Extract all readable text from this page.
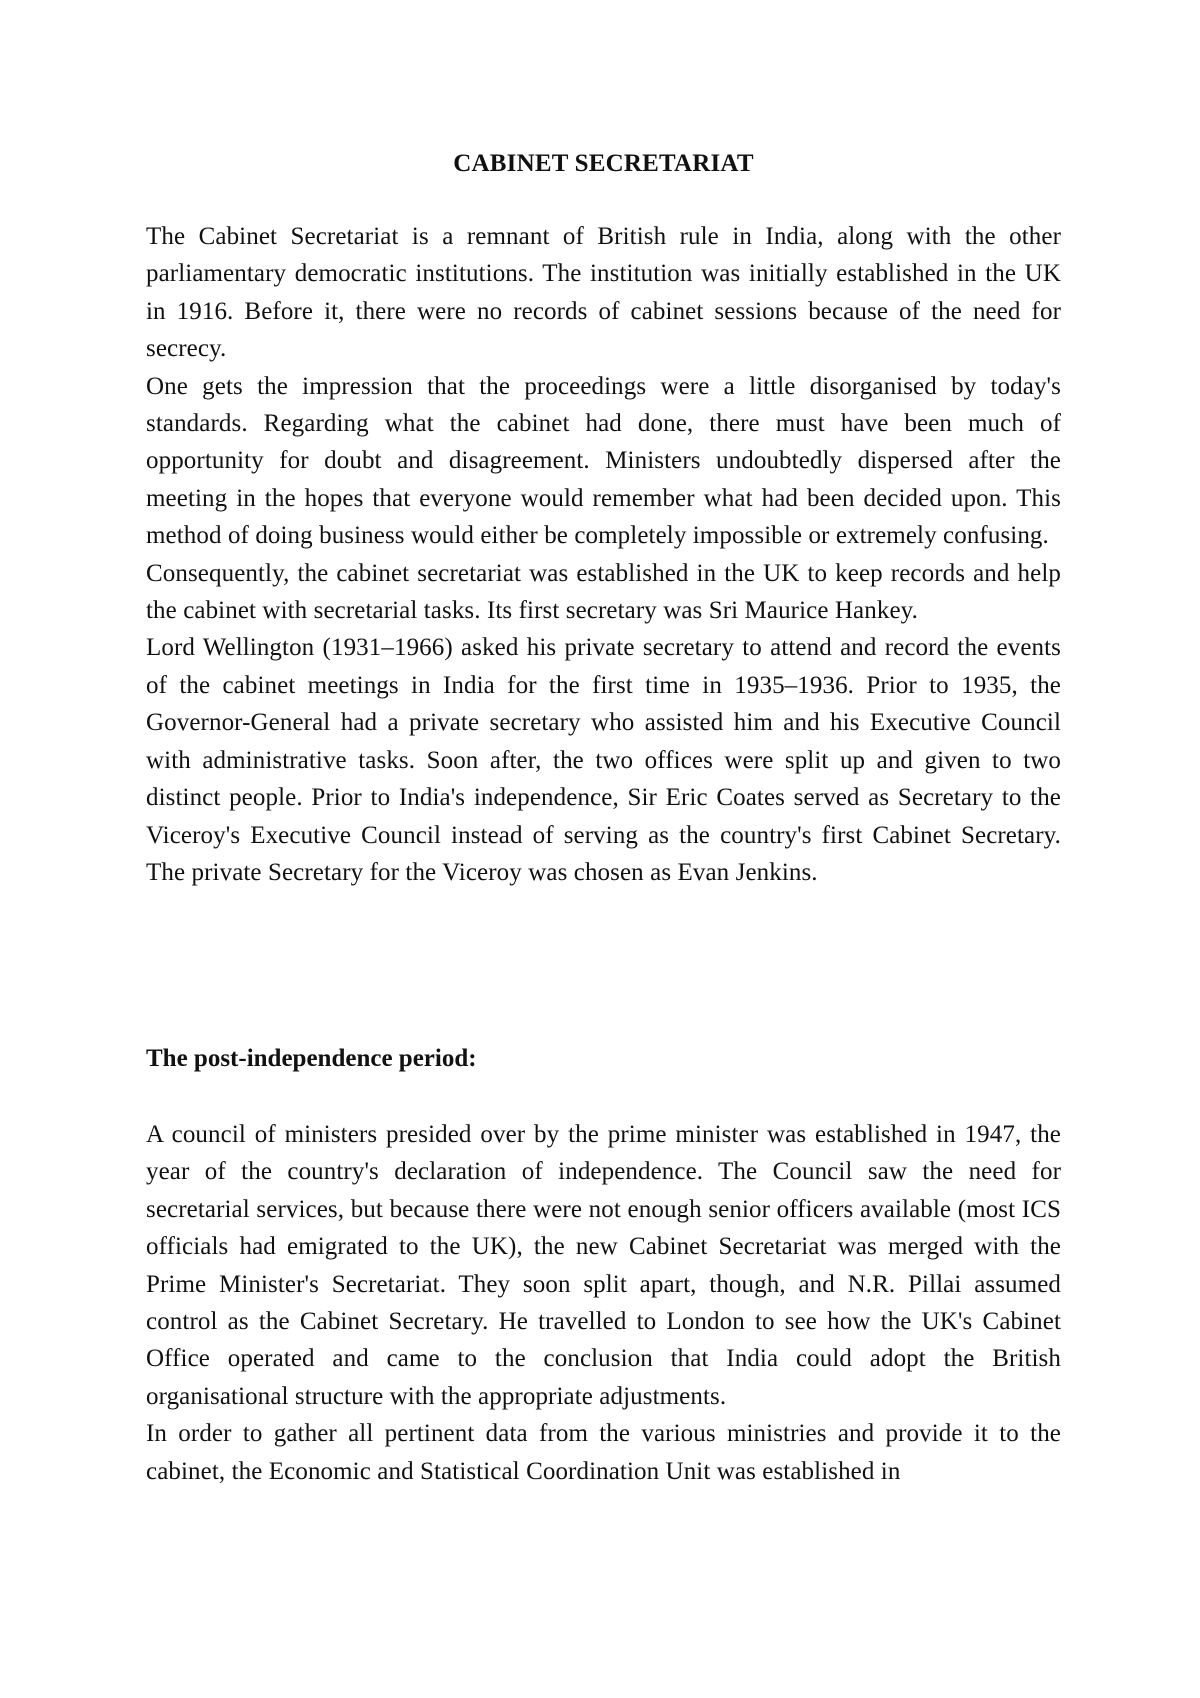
CABINET SECRETARIAT

The Cabinet Secretariat is a remnant of British rule in India, along with the other parliamentary democratic institutions. The institution was initially established in the UK in 1916. Before it, there were no records of cabinet sessions because of the need for secrecy.

One gets the impression that the proceedings were a little disorganised by today's standards. Regarding what the cabinet had done, there must have been much of opportunity for doubt and disagreement. Ministers undoubtedly dispersed after the meeting in the hopes that everyone would remember what had been decided upon. This method of doing business would either be completely impossible or extremely confusing.

Consequently, the cabinet secretariat was established in the UK to keep records and help the cabinet with secretarial tasks. Its first secretary was Sri Maurice Hankey.

Lord Wellington (1931–1966) asked his private secretary to attend and record the events of the cabinet meetings in India for the first time in 1935–1936. Prior to 1935, the Governor-General had a private secretary who assisted him and his Executive Council with administrative tasks. Soon after, the two offices were split up and given to two distinct people. Prior to India's independence, Sir Eric Coates served as Secretary to the Viceroy's Executive Council instead of serving as the country's first Cabinet Secretary. The private Secretary for the Viceroy was chosen as Evan Jenkins.

The post-independence period:

A council of ministers presided over by the prime minister was established in 1947, the year of the country's declaration of independence. The Council saw the need for secretarial services, but because there were not enough senior officers available (most ICS officials had emigrated to the UK), the new Cabinet Secretariat was merged with the Prime Minister's Secretariat. They soon split apart, though, and N.R. Pillai assumed control as the Cabinet Secretary. He travelled to London to see how the UK's Cabinet Office operated and came to the conclusion that India could adopt the British organisational structure with the appropriate adjustments.

In order to gather all pertinent data from the various ministries and provide it to the cabinet, the Economic and Statistical Coordination Unit was established in
